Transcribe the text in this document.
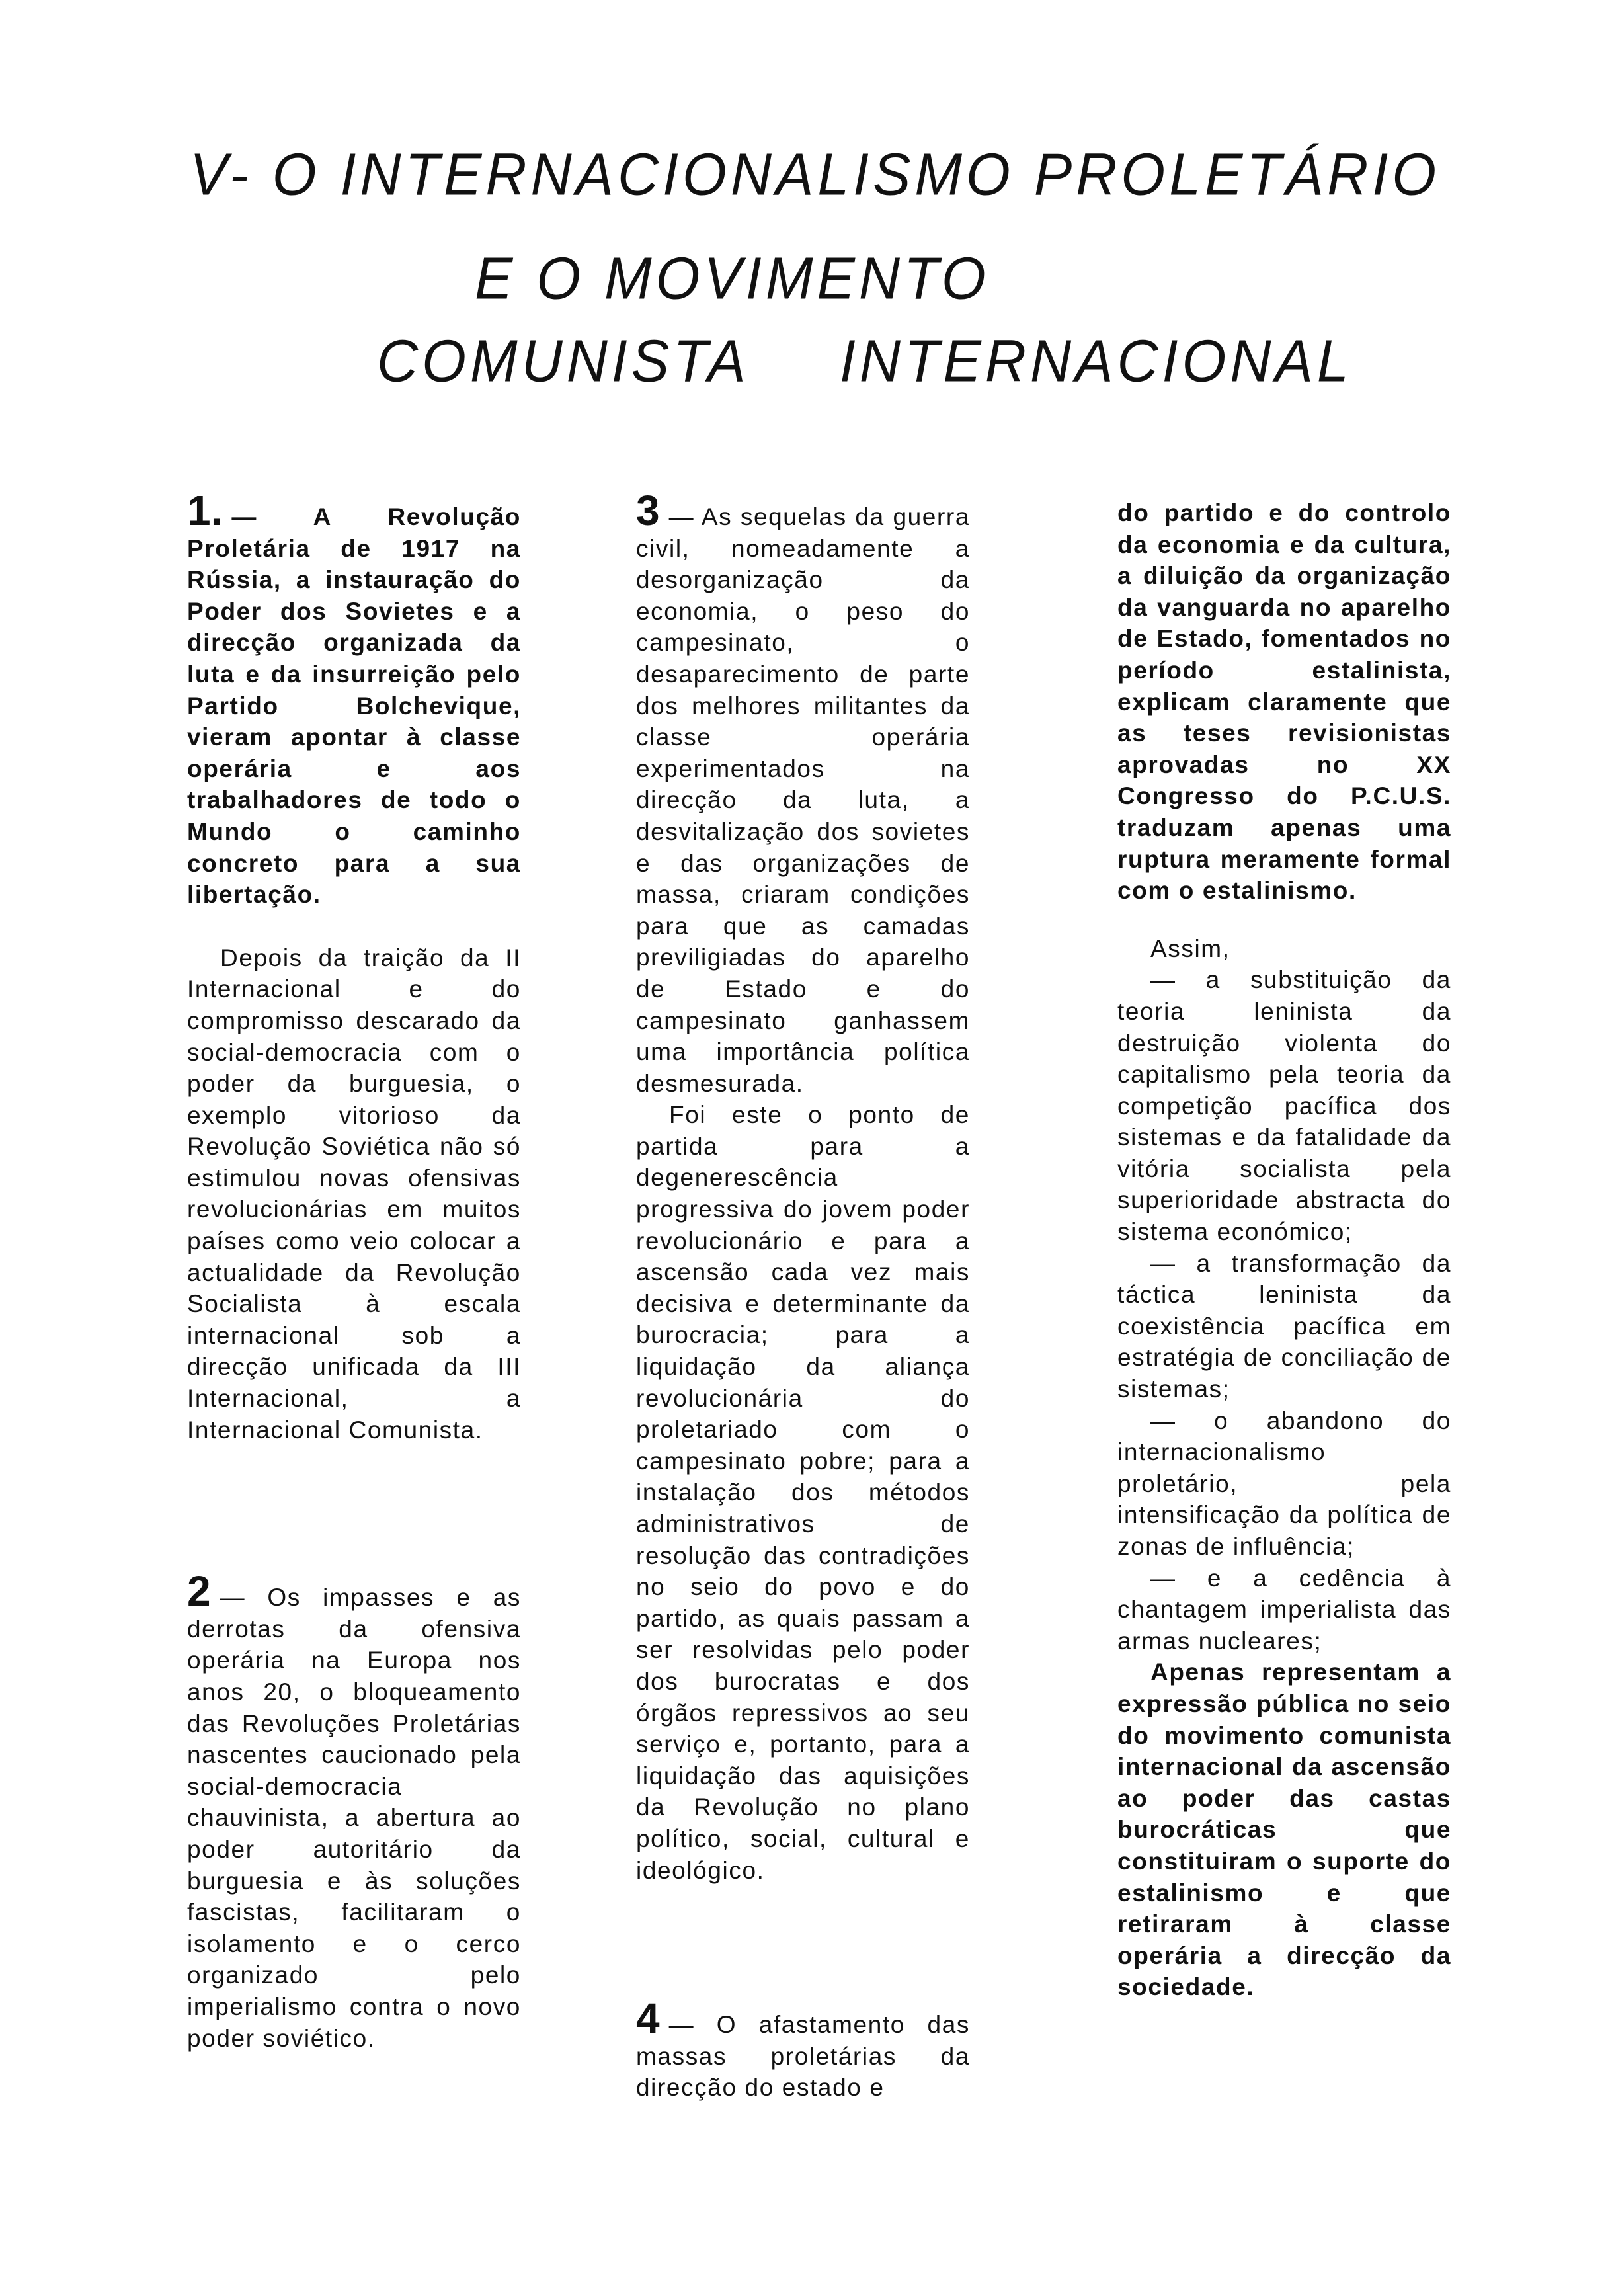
V- O INTERNACIONALISMO PROLETÁRIO
E O MOVIMENTO
COMUNISTA INTERNACIONAL

1. — A Revolução Proletária de 1917 na Rússia, a instauração do Poder dos Sovietes e a direcção organizada da luta e da insurreição pelo Partido Bolchevique, vieram apontar à classe operária e aos trabalhadores de todo o Mundo o caminho concreto para a sua libertação.

Depois da traição da II Internacional e do compromisso descarado da social-democracia com o poder da burguesia, o exemplo vitorioso da Revolução Soviética não só estimulou novas ofensivas revolucionárias em muitos países como veio colocar a actualidade da Revolução Socialista à escala internacional sob a direcção unificada da III Internacional, a Internacional Comunista.

2 — Os impasses e as derrotas da ofensiva operária na Europa nos anos 20, o bloqueamento das Revoluções Proletárias nascentes caucionado pela social-democracia chauvinista, a abertura ao poder autoritário da burguesia e às soluções fascistas, facilitaram o isolamento e o cerco organizado pelo imperialismo contra o novo poder soviético.

3 — As sequelas da guerra civil, nomeadamente a desorganização da economia, o peso do campesinato, o desaparecimento de parte dos melhores militantes da classe operária experimentados na direcção da luta, a desvitalização dos sovietes e das organizações de massa, criaram condições para que as camadas previligiadas do aparelho de Estado e do campesinato ganhassem uma importância política desmesurada.

Foi este o ponto de partida para a degenerescência progressiva do jovem poder revolucionário e para a ascensão cada vez mais decisiva e determinante da burocracia; para a liquidação da aliança revolucionária do proletariado com o campesinato pobre; para a instalação dos métodos administrativos de resolução das contradições no seio do povo e do partido, as quais passam a ser resolvidas pelo poder dos burocratas e dos órgãos repressivos ao seu serviço e, portanto, para a liquidação das aquisições da Revolução no plano político, social, cultural e ideológico.

4 — O afastamento das massas proletárias da direcção do estado e

do partido e do controlo da economia e da cultura, a diluição da organização da vanguarda no aparelho de Estado, fomentados no período estalinista, explicam claramente que as teses revisionistas aprovadas no XX Congresso do P.C.U.S. traduzam apenas uma ruptura meramente formal com o estalinismo.

Assim,

— a substituição da teoria leninista da destruição violenta do capitalismo pela teoria da competição pacífica dos sistemas e da fatalidade da vitória socialista pela superioridade abstracta do sistema económico;

— a transformação da táctica leninista da coexistência pacífica em estratégia de conciliação de sistemas;

— o abandono do internacionalismo proletário, pela intensificação da política de zonas de influência;

— e a cedência à chantagem imperialista das armas nucleares;

Apenas representam a expressão pública no seio do movimento comunista internacional da ascensão ao poder das castas burocráticas que constituiram o suporte do estalinismo e que retiraram à classe operária a direcção da sociedade.
